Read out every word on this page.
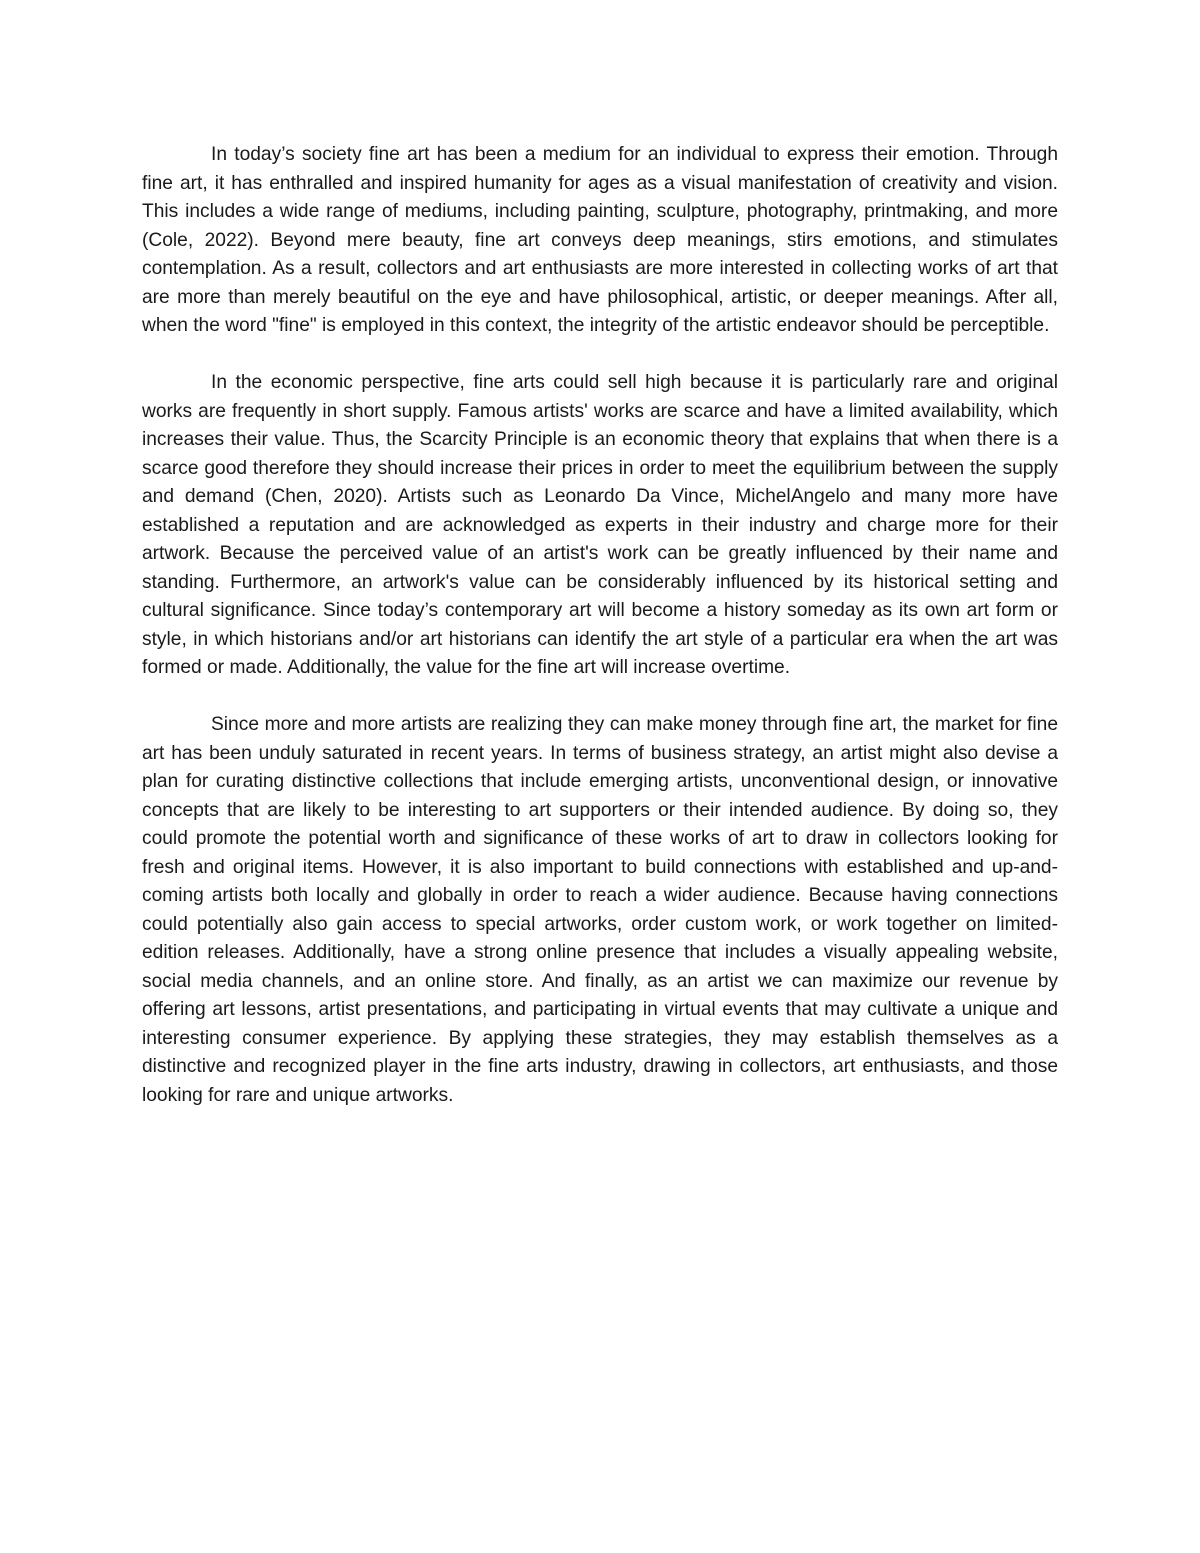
In today’s society fine art has been a medium for an individual to express their emotion. Through fine art, it has enthralled and inspired humanity for ages as a visual manifestation of creativity and vision. This includes a wide range of mediums, including painting, sculpture, photography, printmaking, and more (Cole, 2022). Beyond mere beauty, fine art conveys deep meanings, stirs emotions, and stimulates contemplation. As a result, collectors and art enthusiasts are more interested in collecting works of art that are more than merely beautiful on the eye and have philosophical, artistic, or deeper meanings. After all, when the word "fine" is employed in this context, the integrity of the artistic endeavor should be perceptible.

In the economic perspective, fine arts could sell high because it is particularly rare and original works are frequently in short supply. Famous artists' works are scarce and have a limited availability, which increases their value. Thus, the Scarcity Principle is an economic theory that explains that when there is a scarce good therefore they should increase their prices in order to meet the equilibrium between the supply and demand (Chen, 2020). Artists such as Leonardo Da Vince, MichelAngelo and many more have established a reputation and are acknowledged as experts in their industry and charge more for their artwork. Because the perceived value of an artist's work can be greatly influenced by their name and standing. Furthermore, an artwork's value can be considerably influenced by its historical setting and cultural significance. Since today’s contemporary art will become a history someday as its own art form or style, in which historians and/or art historians can identify the art style of a particular era when the art was formed or made. Additionally, the value for the fine art will increase overtime.

Since more and more artists are realizing they can make money through fine art, the market for fine art has been unduly saturated in recent years. In terms of business strategy, an artist might also devise a plan for curating distinctive collections that include emerging artists, unconventional design, or innovative concepts that are likely to be interesting to art supporters or their intended audience. By doing so, they could promote the potential worth and significance of these works of art to draw in collectors looking for fresh and original items. However, it is also important to build connections with established and up-and-coming artists both locally and globally in order to reach a wider audience. Because having connections could potentially also gain access to special artworks, order custom work, or work together on limited-edition releases. Additionally, have a strong online presence that includes a visually appealing website, social media channels, and an online store. And finally, as an artist we can maximize our revenue by offering art lessons, artist presentations, and participating in virtual events that may cultivate a unique and interesting consumer experience. By applying these strategies, they may establish themselves as a distinctive and recognized player in the fine arts industry, drawing in collectors, art enthusiasts, and those looking for rare and unique artworks.
